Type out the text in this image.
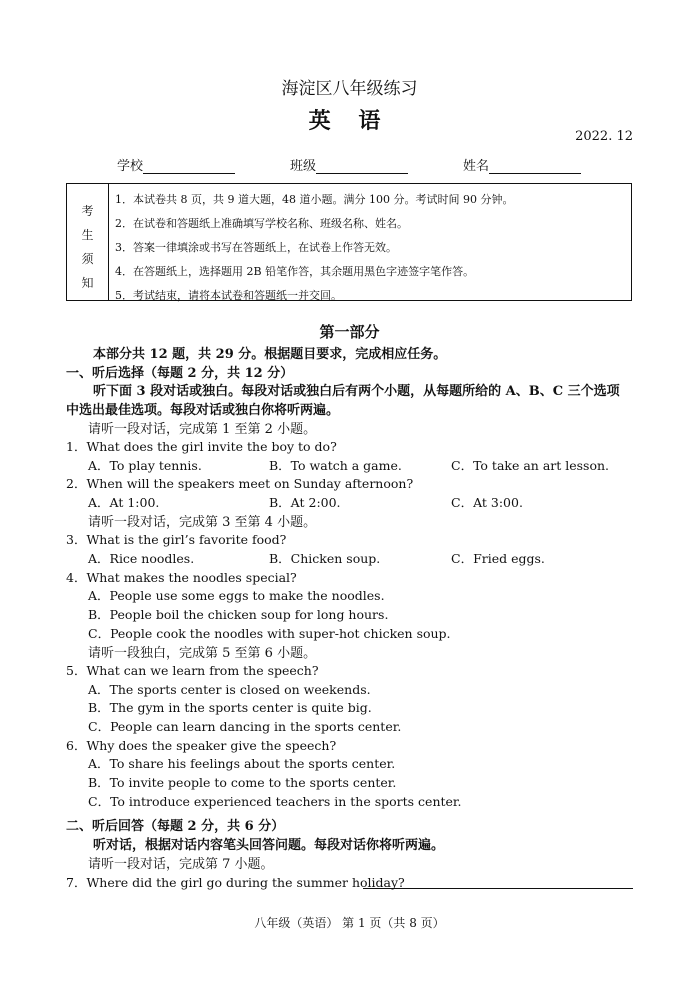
海淀区八年级练习
英 语
2022. 12
学校	班级	姓名
考
生
须
知
1．本试卷共 8 页，共 9 道大题，48 道小题。满分 100 分。考试时间 90 分钟。
2．在试卷和答题纸上准确填写学校名称、班级名称、姓名。
3．答案一律填涂或书写在答题纸上，在试卷上作答无效。
4．在答题纸上，选择题用 2B 铅笔作答，其余题用黑色字迹签字笔作答。
5．考试结束，请将本试卷和答题纸一并交回。
第一部分
本部分共 12 题，共 29 分。根据题目要求，完成相应任务。
一、听后选择（每题 2 分，共 12 分）
听下面 3 段对话或独白。每段对话或独白后有两个小题，从每题所给的 A、B、C 三个选项
中选出最佳选项。每段对话或独白你将听两遍。
请听一段对话，完成第 1 至第 2 小题。
1．What does the girl invite the boy to do?
A．To play tennis.	B．To watch a game.	C．To take an art lesson.
2．When will the speakers meet on Sunday afternoon?
A．At 1:00.	B．At 2:00.	C．At 3:00.
请听一段对话，完成第 3 至第 4 小题。
3．What is the girl’s favorite food?
A．Rice noodles.	B．Chicken soup.	C．Fried eggs.
4．What makes the noodles special?
A．People use some eggs to make the noodles.
B．People boil the chicken soup for long hours.
C．People cook the noodles with super-hot chicken soup.
请听一段独白，完成第 5 至第 6 小题。
5．What can we learn from the speech?
A．The sports center is closed on weekends.
B．The gym in the sports center is quite big.
C．People can learn dancing in the sports center.
6．Why does the speaker give the speech?
A．To share his feelings about the sports center.
B．To invite people to come to the sports center.
C．To introduce experienced teachers in the sports center.
二、听后回答（每题 2 分，共 6 分）
听对话，根据对话内容笔头回答问题。每段对话你将听两遍。
请听一段对话，完成第 7 小题。
7．Where did the girl go during the summer holiday?
八年级（英语） 第 1 页（共 8 页）
